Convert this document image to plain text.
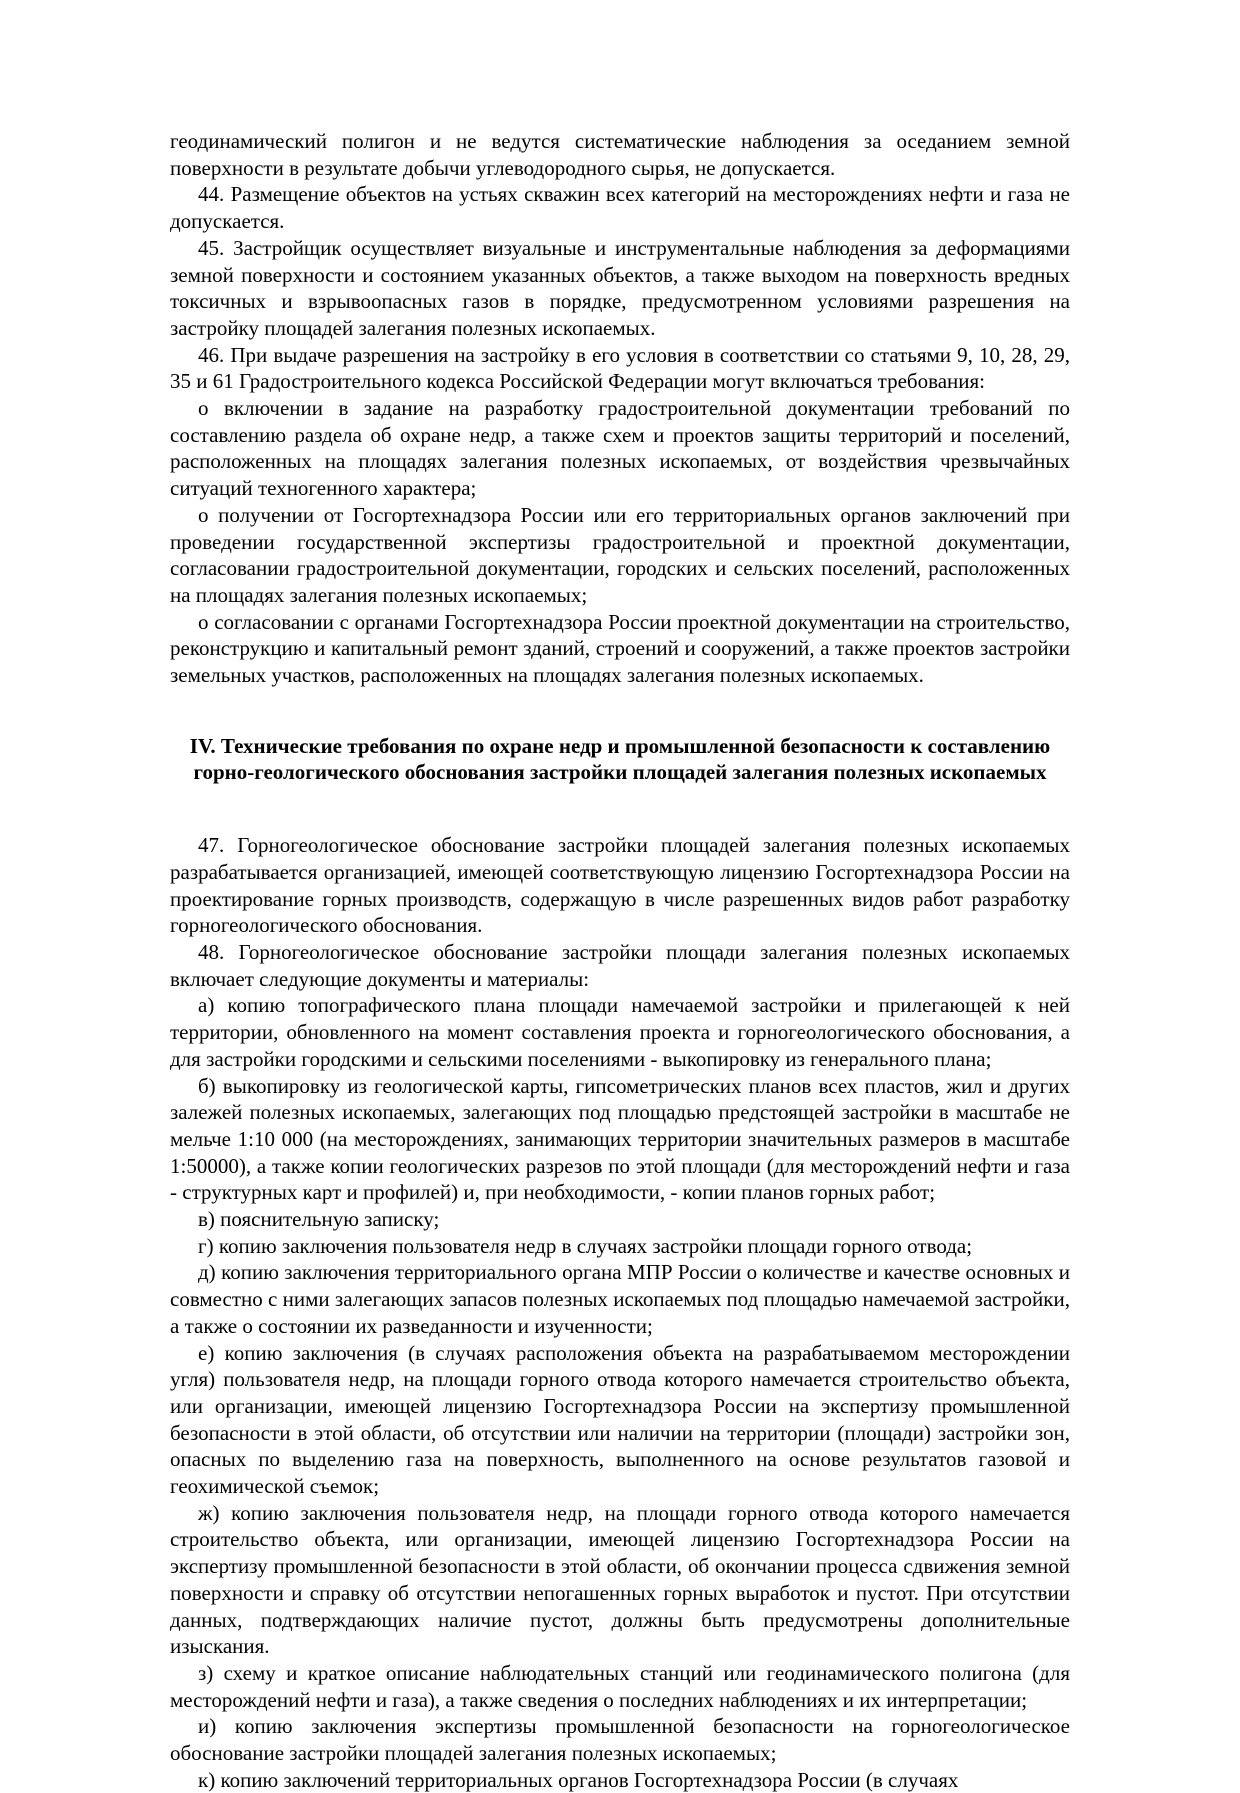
геодинамический полигон и не ведутся систематические наблюдения за оседанием земной поверхности в результате добычи углеводородного сырья, не допускается.

44. Размещение объектов на устьях скважин всех категорий на месторождениях нефти и газа не допускается.

45. Застройщик осуществляет визуальные и инструментальные наблюдения за деформациями земной поверхности и состоянием указанных объектов, а также выходом на поверхность вредных токсичных и взрывоопасных газов в порядке, предусмотренном условиями разрешения на застройку площадей залегания полезных ископаемых.

46. При выдаче разрешения на застройку в его условия в соответствии со статьями 9, 10, 28, 29, 35 и 61 Градостроительного кодекса Российской Федерации могут включаться требования:

о включении в задание на разработку градостроительной документации требований по составлению раздела об охране недр, а также схем и проектов защиты территорий и поселений, расположенных на площадях залегания полезных ископаемых, от воздействия чрезвычайных ситуаций техногенного характера;

о получении от Госгортехнадзора России или его территориальных органов заключений при проведении государственной экспертизы градостроительной и проектной документации, согласовании градостроительной документации, городских и сельских поселений, расположенных на площадях залегания полезных ископаемых;

о согласовании с органами Госгортехнадзора России проектной документации на строительство, реконструкцию и капитальный ремонт зданий, строений и сооружений, а также проектов застройки земельных участков, расположенных на площадях залегания полезных ископаемых.

IV. Технические требования по охране недр и промышленной безопасности к составлению горно-геологического обоснования застройки площадей залегания полезных ископаемых

47. Горногеологическое обоснование застройки площадей залегания полезных ископаемых разрабатывается организацией, имеющей соответствующую лицензию Госгортехнадзора России на проектирование горных производств, содержащую в числе разрешенных видов работ разработку горногеологического обоснования.

48. Горногеологическое обоснование застройки площади залегания полезных ископаемых включает следующие документы и материалы:

а) копию топографического плана площади намечаемой застройки и прилегающей к ней территории, обновленного на момент составления проекта и горногеологического обоснования, а для застройки городскими и сельскими поселениями - выкопировку из генерального плана;

б) выкопировку из геологической карты, гипсометрических планов всех пластов, жил и других залежей полезных ископаемых, залегающих под площадью предстоящей застройки в масштабе не мельче 1:10 000 (на месторождениях, занимающих территории значительных размеров в масштабе 1:50000), а также копии геологических разрезов по этой площади (для месторождений нефти и газа - структурных карт и профилей) и, при необходимости, - копии планов горных работ;

в) пояснительную записку;

г) копию заключения пользователя недр в случаях застройки площади горного отвода;

д) копию заключения территориального органа МПР России о количестве и качестве основных и совместно с ними залегающих запасов полезных ископаемых под площадью намечаемой застройки, а также о состоянии их разведанности и изученности;

е) копию заключения (в случаях расположения объекта на разрабатываемом месторождении угля) пользователя недр, на площади горного отвода которого намечается строительство объекта, или организации, имеющей лицензию Госгортехнадзора России на экспертизу промышленной безопасности в этой области, об отсутствии или наличии на территории (площади) застройки зон, опасных по выделению газа на поверхность, выполненного на основе результатов газовой и геохимической съемок;

ж) копию заключения пользователя недр, на площади горного отвода которого намечается строительство объекта, или организации, имеющей лицензию Госгортехнадзора России на экспертизу промышленной безопасности в этой области, об окончании процесса сдвижения земной поверхности и справку об отсутствии непогашенных горных выработок и пустот. При отсутствии данных, подтверждающих наличие пустот, должны быть предусмотрены дополнительные изыскания.

з) схему и краткое описание наблюдательных станций или геодинамического полигона (для месторождений нефти и газа), а также сведения о последних наблюдениях и их интерпретации;

и) копию заключения экспертизы промышленной безопасности на горногеологическое обоснование застройки площадей залегания полезных ископаемых;

к) копию заключений территориальных органов Госгортехнадзора России (в случаях
